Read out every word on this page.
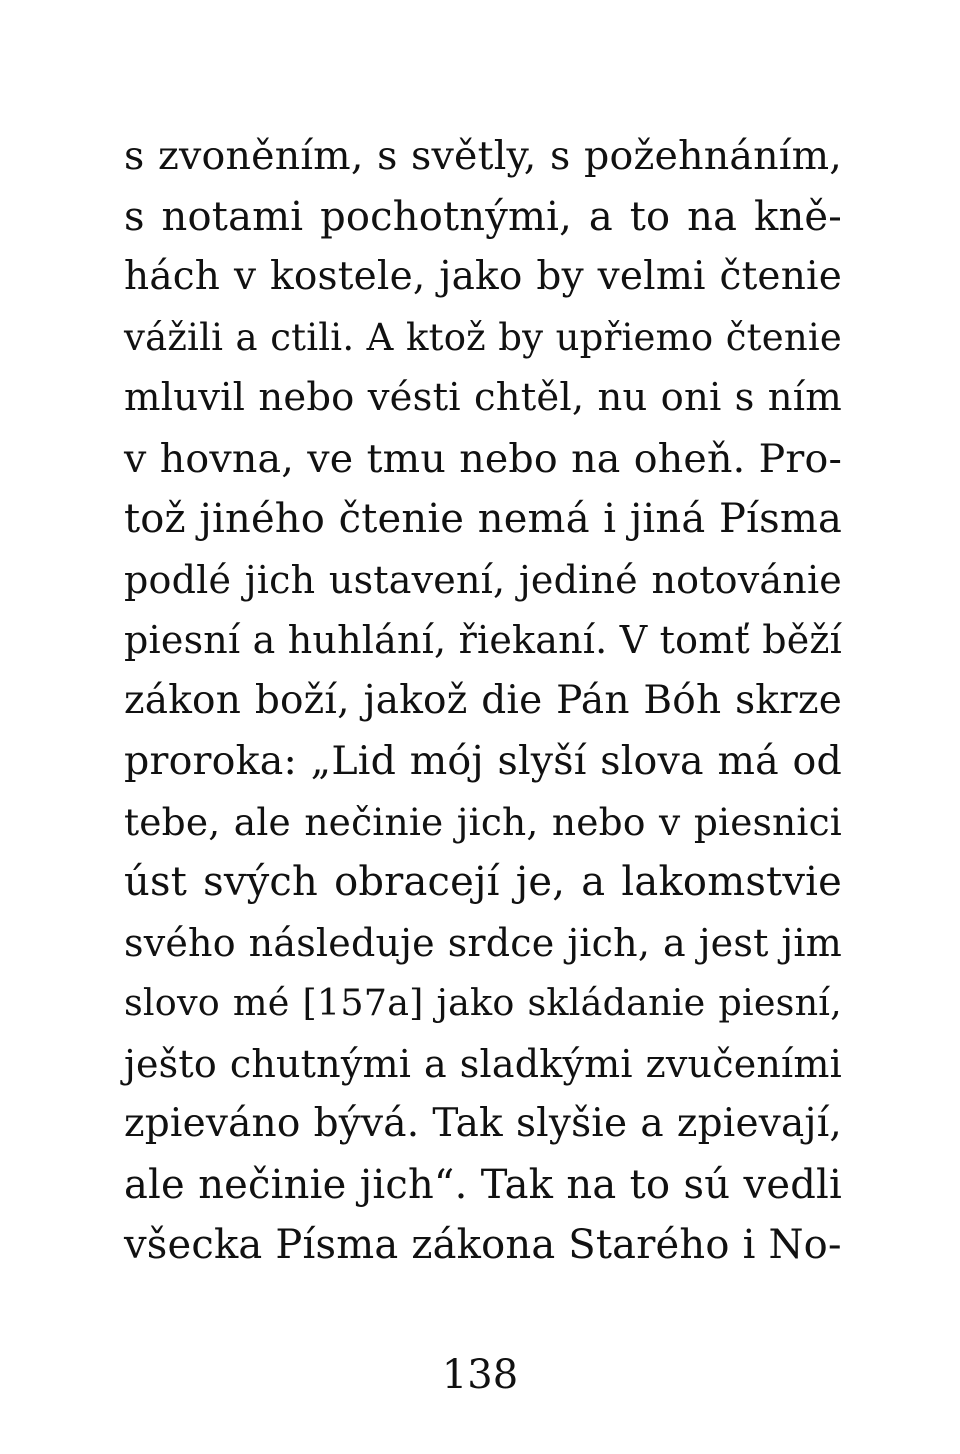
s zvoněním, s světly, s požehnáním,
s notami pochotnými, a to na kně-
hách v kostele, jako by velmi čtenie
vážili a ctili. A ktož by upřiemo čtenie
mluvil nebo vésti chtěl, nu oni s ním
v hovna, ve tmu nebo na oheň. Pro-
tož jiného čtenie nemá i jiná Písma
podlé jich ustavení, jediné notovánie
piesní a huhlání, řiekaní. V tomť běží
zákon boží, jakož die Pán Bóh skrze
proroka: „Lid mój slyší slova má od
tebe, ale nečinie jich, nebo v piesnici
úst svých obracejí je, a lakomstvie
svého následuje srdce jich, a jest jim
slovo mé [157a] jako skládanie piesní,
ješto chutnými a sladkými zvučeními
zpieváno bývá. Tak slyšie a zpievají,
ale nečinie jich“. Tak na to sú vedli
všecka Písma zákona Starého i No-
138
